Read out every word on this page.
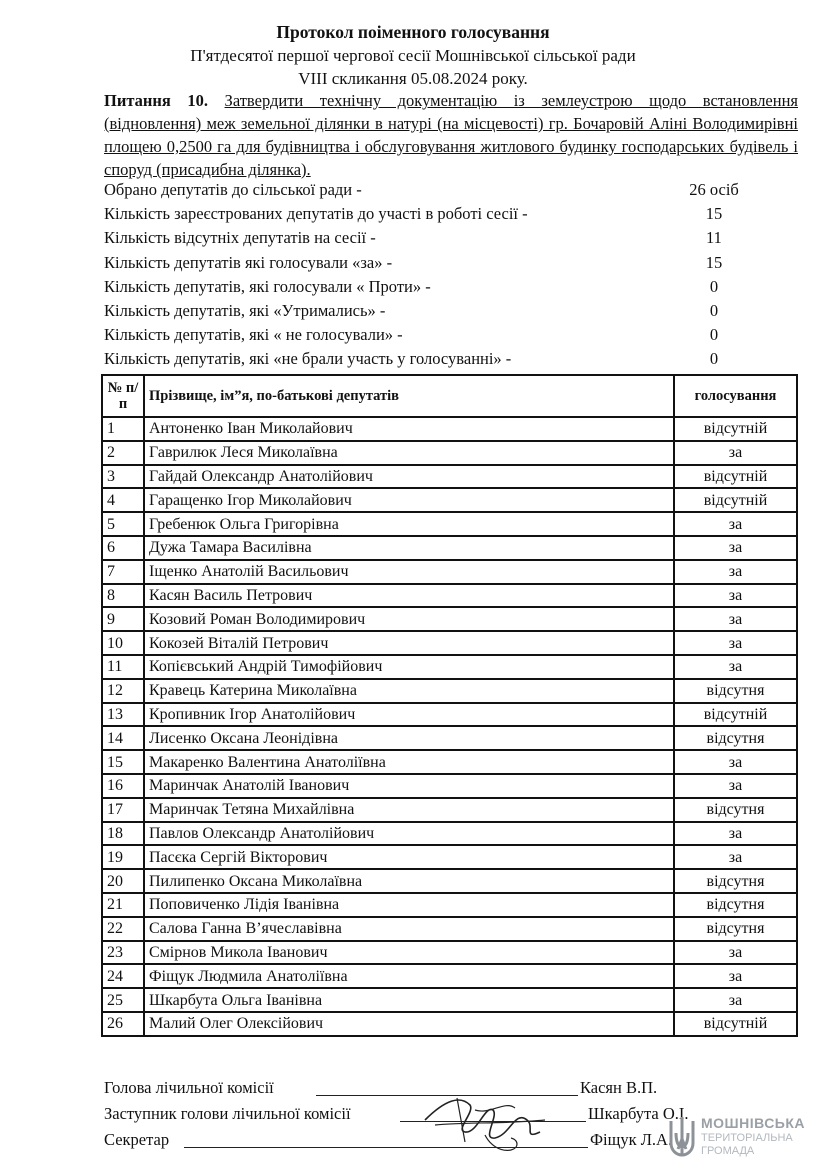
Протокол поіменного голосування
П'ятдесятої першої чергової сесії Мошнівської сільської ради
VIII скликання 05.08.2024 року.
Питання 10. Затвердити технічну документацію із землеустрою щодо встановлення (відновлення) меж земельної ділянки в натурі (на місцевості) гр. Бочаровій Аліні Володимирівні площею 0,2500 га для будівництва і обслуговування житлового будинку господарських будівель і споруд (присадибна ділянка).
Обрано депутатів до сільської ради -	26 осіб
Кількість зареєстрованих депутатів до участі в роботі сесії -	15
Кількість відсутніх депутатів на сесії -	11
Кількість депутатів які голосували «за» -	15
Кількість депутатів, які голосували « Проти» -	0
Кількість депутатів, які «Утримались» -	0
Кількість депутатів, які « не голосували» -	0
Кількість депутатів, які «не брали участь у голосуванні» -	0
№ п/п	Прізвище, ім”я, по-батькові депутатів	голосування
1	Антоненко Іван Миколайович	відсутній
2	Гаврилюк Леся Миколаївна	за
3	Гайдай Олександр Анатолійович	відсутній
4	Гаращенко Ігор Миколайович	відсутній
5	Гребенюк Ольга Григорівна	за
6	Дужа Тамара Василівна	за
7	Іщенко Анатолій Васильович	за
8	Касян Василь Петрович	за
9	Козовий Роман Володимирович	за
10	Кокозей Віталій Петрович	за
11	Копієвський Андрій Тимофійович	за
12	Кравець Катерина Миколаївна	відсутня
13	Кропивник Ігор Анатолійович	відсутній
14	Лисенко Оксана Леонідівна	відсутня
15	Макаренко Валентина Анатоліївна	за
16	Маринчак Анатолій Іванович	за
17	Маринчак Тетяна Михайлівна	відсутня
18	Павлов Олександр Анатолійович	за
19	Пасєка Сергій Вікторович	за
20	Пилипенко Оксана Миколаївна	відсутня
21	Поповиченко Лідія Іванівна	відсутня
22	Салова Ганна В’ячеславівна	відсутня
23	Смірнов Микола Іванович	за
24	Фіщук Людмила Анатоліївна	за
25	Шкарбута Ольга Іванівна	за
26	Малий Олег Олексійович	відсутній
Голова лічильної комісії	Касян В.П.
Заступник голови лічильної комісії	Шкарбута О.І.
Секретар	Фіщук Л.А.
МОШНІВСЬКА
ТЕРИТОРІАЛЬНА
ГРОМАДА
